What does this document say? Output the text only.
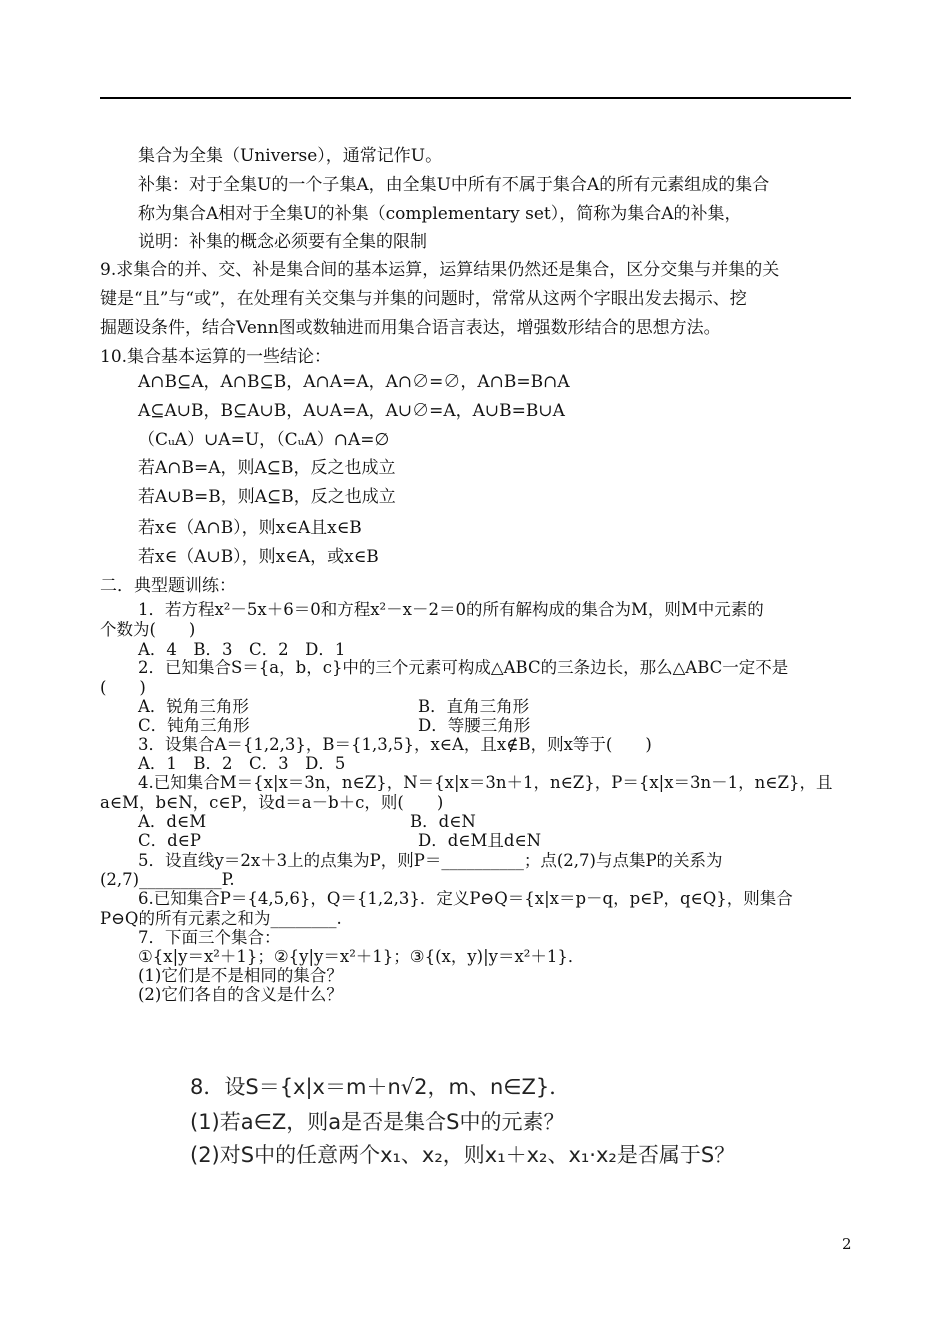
集合为全集（Universe），通常记作U。
补集：对于全集U的一个子集A，由全集U中所有不属于集合A的所有元素组成的集合
称为集合A相对于全集U的补集（complementary set），简称为集合A的补集，
说明：补集的概念必须要有全集的限制
9.求集合的并、交、补是集合间的基本运算，运算结果仍然还是集合，区分交集与并集的关
键是“且”与“或”，在处理有关交集与并集的问题时，常常从这两个字眼出发去揭示、挖
掘题设条件，结合Venn图或数轴进而用集合语言表达，增强数形结合的思想方法。
10.集合基本运算的一些结论：
A∩B⊆A，A∩B⊆B，A∩A=A，A∩∅=∅，A∩B=B∩A
A⊆A∪B，B⊆A∪B，A∪A=A，A∪∅=A，A∪B=B∪A
（CᵤA）∪A=U，（CᵤA）∩A=∅
若A∩B=A，则A⊆B，反之也成立
若A∪B=B，则A⊆B，反之也成立
若x∈（A∩B），则x∈A且x∈B
若x∈（A∪B），则x∈A，或x∈B
二．典型题训练：
1．若方程x²－5x＋6＝0和方程x²－x－2＝0的所有解构成的集合为M，则M中元素的
个数为(　　)
A．4　B．3　C．2　D．1
2．已知集合S＝{a，b，c}中的三个元素可构成△ABC的三条边长，那么△ABC一定不是
(　　)
A．锐角三角形	B．直角三角形
C．钝角三角形	D．等腰三角形
3．设集合A＝{1,2,3}，B＝{1,3,5}，x∈A，且x∉B，则x等于(　　)
A．1　B．2　C．3　D．5
4.已知集合M＝{x|x＝3n，n∈Z}，N＝{x|x＝3n＋1，n∈Z}，P＝{x|x＝3n－1，n∈Z}，且
a∈M，b∈N，c∈P，设d＝a－b＋c，则(　　)
A．d∈M	B．d∈N
C．d∈P	D．d∈M且d∈N
5．设直线y＝2x＋3上的点集为P，则P＝__________；点(2,7)与点集P的关系为
(2,7)__________P.
6.已知集合P＝{4,5,6}，Q＝{1,2,3}．定义P⊖Q＝{x|x＝p－q，p∈P，q∈Q}，则集合
P⊖Q的所有元素之和为________.
7．下面三个集合：
①{x|y＝x²＋1}；②{y|y＝x²＋1}；③{(x，y)|y＝x²＋1}．
(1)它们是不是相同的集合？
(2)它们各自的含义是什么？
8．设S＝{x|x＝m＋n√2，m、n∈Z}．
(1)若a∈Z，则a是否是集合S中的元素？
(2)对S中的任意两个x₁、x₂，则x₁＋x₂、x₁·x₂是否属于S？
2
